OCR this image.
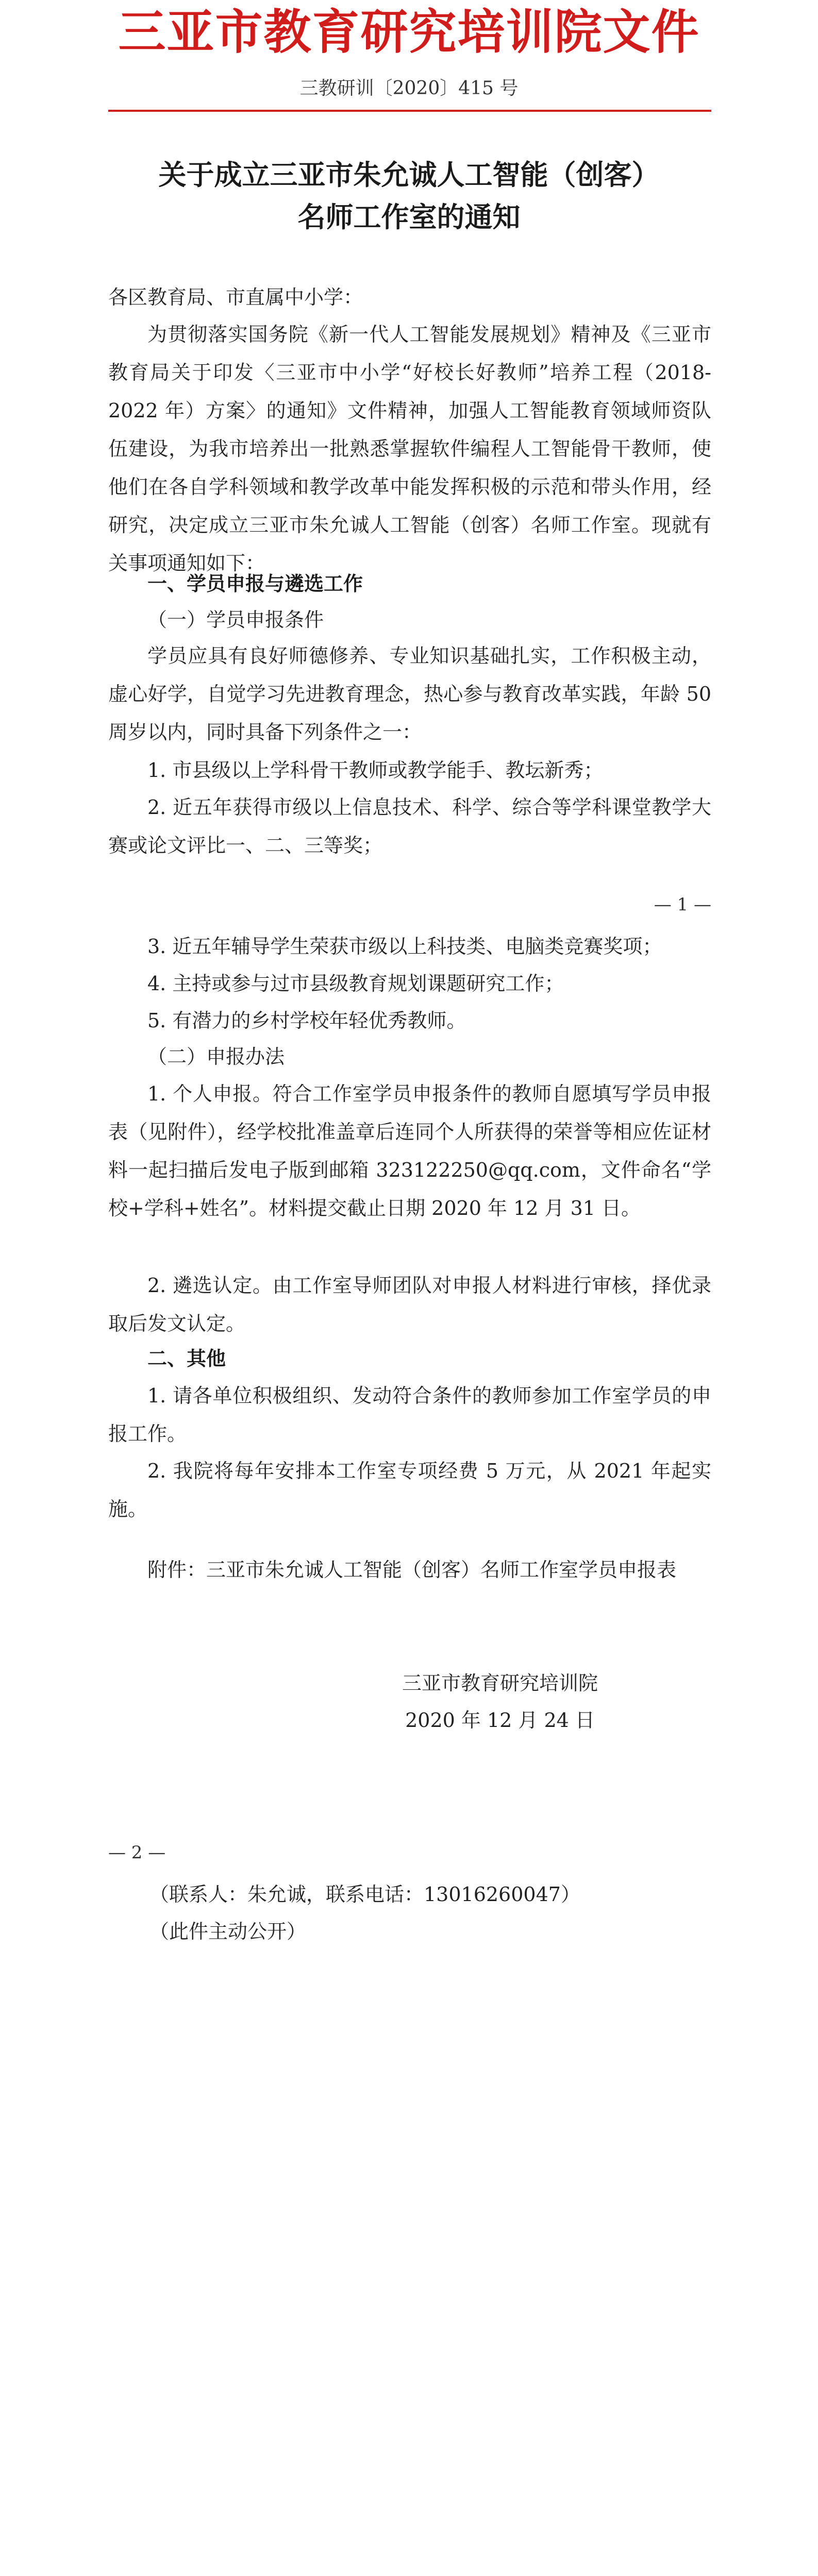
三亚市教育研究培训院文件
三教研训〔2020〕415 号
关于成立三亚市朱允诚人工智能（创客）
名师工作室的通知
各区教育局、市直属中小学：
为贯彻落实国务院《新一代人工智能发展规划》精神及《三亚市教育局关于印发〈三亚市中小学“好校长好教师”培养工程（2018-2022 年）方案〉的通知》文件精神，加强人工智能教育领域师资队伍建设，为我市培养出一批熟悉掌握软件编程人工智能骨干教师，使他们在各自学科领域和教学改革中能发挥积极的示范和带头作用，经研究，决定成立三亚市朱允诚人工智能（创客）名师工作室。现就有关事项通知如下：
一、学员申报与遴选工作
（一）学员申报条件
学员应具有良好师德修养、专业知识基础扎实，工作积极主动，虚心好学，自觉学习先进教育理念，热心参与教育改革实践，年龄 50 周岁以内，同时具备下列条件之一：
1. 市县级以上学科骨干教师或教学能手、教坛新秀；
2. 近五年获得市级以上信息技术、科学、综合等学科课堂教学大赛或论文评比一、二、三等奖；
— 1 —
3. 近五年辅导学生荣获市级以上科技类、电脑类竞赛奖项；
4. 主持或参与过市县级教育规划课题研究工作；
5. 有潜力的乡村学校年轻优秀教师。
（二）申报办法
1. 个人申报。符合工作室学员申报条件的教师自愿填写学员申报表（见附件），经学校批准盖章后连同个人所获得的荣誉等相应佐证材料一起扫描后发电子版到邮箱 323122250@qq.com，文件命名“学校+学科+姓名”。材料提交截止日期 2020 年 12 月 31 日。
2. 遴选认定。由工作室导师团队对申报人材料进行审核，择优录取后发文认定。
二、其他
1. 请各单位积极组织、发动符合条件的教师参加工作室学员的申报工作。
2. 我院将每年安排本工作室专项经费 5 万元，从 2021 年起实施。
附件：三亚市朱允诚人工智能（创客）名师工作室学员申报表
三亚市教育研究培训院
2020 年 12 月 24 日
— 2 —
（联系人：朱允诚，联系电话：13016260047）
（此件主动公开）
